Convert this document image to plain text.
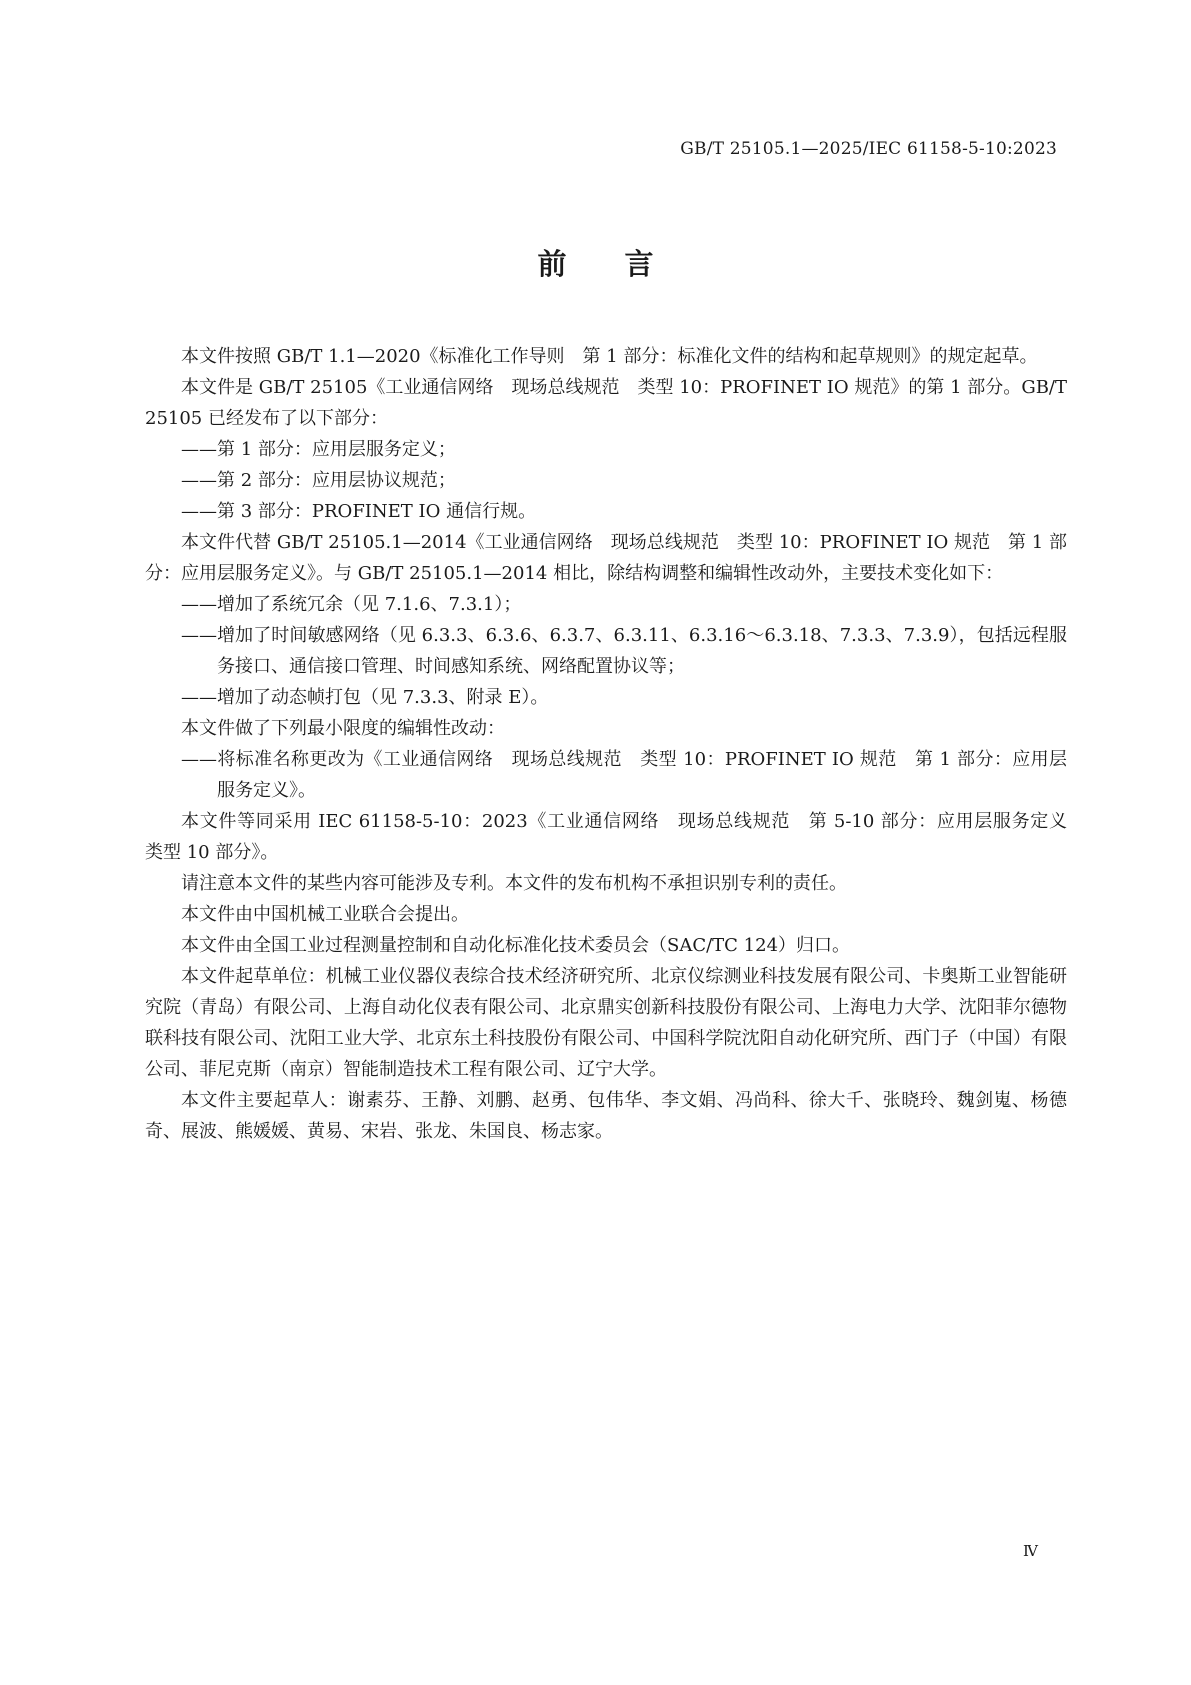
GB/T 25105.1—2025/IEC 61158-5-10:2023
前言

本文件按照 GB/T 1.1—2020《标准化工作导则　第 1 部分：标准化文件的结构和起草规则》的规定起草。

本文件是 GB/T 25105《工业通信网络　现场总线规范　类型 10：PROFINET IO 规范》的第 1 部分。GB/T 25105 已经发布了以下部分：

——第 1 部分：应用层服务定义；

——第 2 部分：应用层协议规范；

——第 3 部分：PROFINET IO 通信行规。

本文件代替 GB/T 25105.1—2014《工业通信网络　现场总线规范　类型 10：PROFINET IO 规范　第 1 部分：应用层服务定义》。与 GB/T 25105.1—2014 相比，除结构调整和编辑性改动外，主要技术变化如下：

——增加了系统冗余（见 7.1.6、7.3.1）；

——增加了时间敏感网络（见 6.3.3、6.3.6、6.3.7、6.3.11、6.3.16～6.3.18、7.3.3、7.3.9），包括远程服务接口、通信接口管理、时间感知系统、网络配置协议等；

——增加了动态帧打包（见 7.3.3、附录 E）。

本文件做了下列最小限度的编辑性改动：

——将标准名称更改为《工业通信网络　现场总线规范　类型 10：PROFINET IO 规范　第 1 部分：应用层服务定义》。

本文件等同采用 IEC 61158-5-10：2023《工业通信网络　现场总线规范　第 5-10 部分：应用层服务定义　类型 10 部分》。

请注意本文件的某些内容可能涉及专利。本文件的发布机构不承担识别专利的责任。

本文件由中国机械工业联合会提出。

本文件由全国工业过程测量控制和自动化标准化技术委员会（SAC/TC 124）归口。

本文件起草单位：机械工业仪器仪表综合技术经济研究所、北京仪综测业科技发展有限公司、卡奥斯工业智能研究院（青岛）有限公司、上海自动化仪表有限公司、北京鼎实创新科技股份有限公司、上海电力大学、沈阳菲尔德物联科技有限公司、沈阳工业大学、北京东土科技股份有限公司、中国科学院沈阳自动化研究所、西门子（中国）有限公司、菲尼克斯（南京）智能制造技术工程有限公司、辽宁大学。

本文件主要起草人：谢素芬、王静、刘鹏、赵勇、包伟华、李文娟、冯尚科、徐大千、张晓玲、魏剑嵬、杨德奇、展波、熊媛媛、黄易、宋岩、张龙、朱国良、杨志家。

Ⅳ
